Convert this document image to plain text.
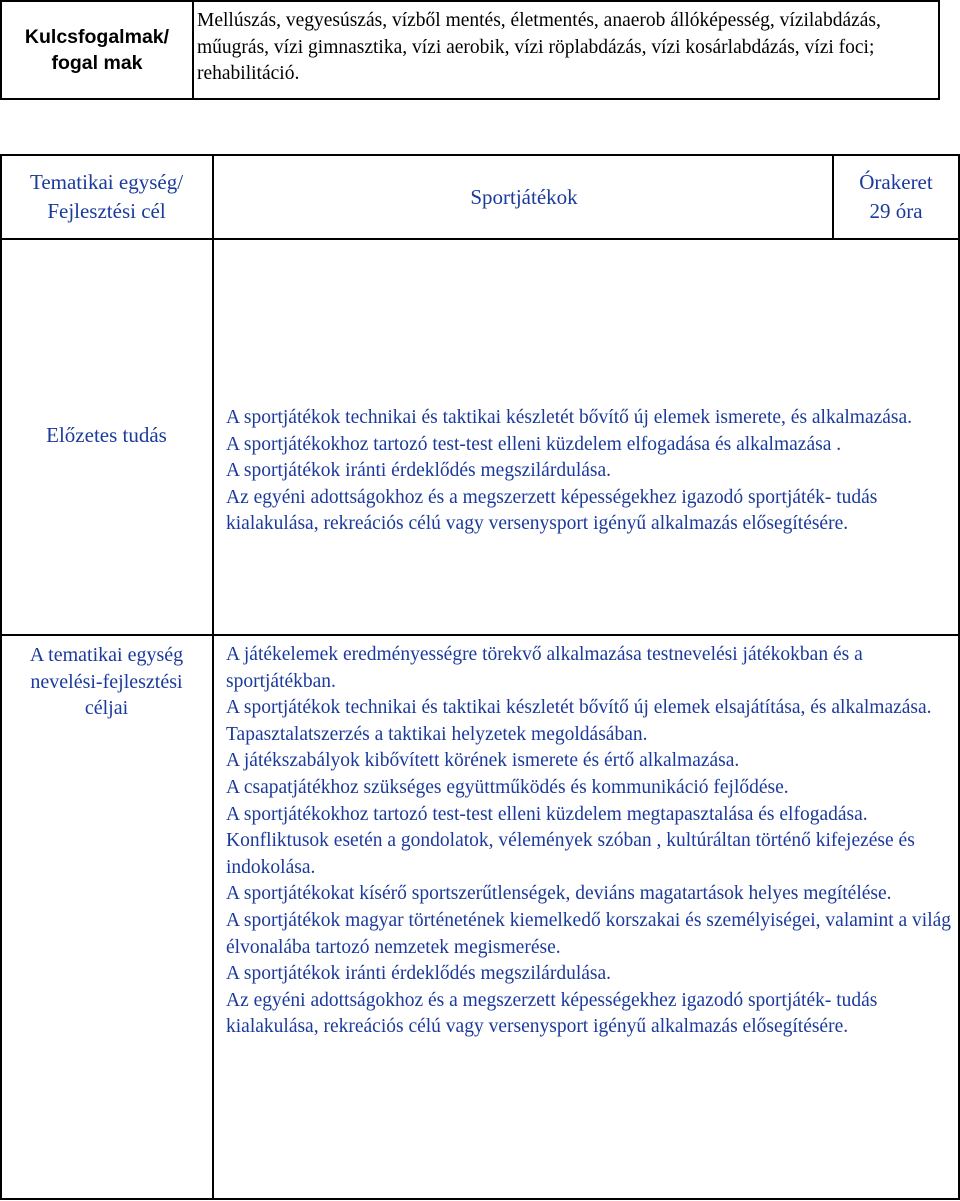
Kulcsfogalmak/ fogal mak
Mellúszás, vegyesúszás, vízből mentés, életmentés, anaerob állóképesség, vízilabdázás, műugrás, vízi gimnasztika, vízi aerobik, vízi röplabdázás, vízi kosárlabdázás, vízi foci; rehabilitáció.
Tematikai egység/
Fejlesztési cél
Sportjátékok
Órakeret
29 óra
Előzetes tudás
A sportjátékok technikai és taktikai készletét bővítő új elemek ismerete, és alkalmazása.
A sportjátékokhoz tartozó test-test elleni küzdelem elfogadása és alkalmazása .
A sportjátékok iránti érdeklődés megszilárdulása.
Az egyéni adottságokhoz és a megszerzett képességekhez igazodó sportjáték- tudás kialakulása, rekreációs célú vagy versenysport igényű alkalmazás elősegítésére.
A tematikai egység
nevelési-fejlesztési
céljai
A játékelemek eredményességre törekvő alkalmazása testnevelési játékokban és a sportjátékban.
A sportjátékok technikai és taktikai készletét bővítő új elemek elsajátítása, és alkalmazása.
Tapasztalatszerzés a taktikai helyzetek megoldásában.
A játékszabályok kibővített körének ismerete és értő alkalmazása.
A csapatjátékhoz szükséges együttműködés és kommunikáció fejlődése.
A sportjátékokhoz tartozó test-test elleni küzdelem megtapasztalása és elfogadása.
Konfliktusok esetén a gondolatok, vélemények szóban , kultúráltan történő kifejezése és indokolása.
A sportjátékokat kísérő sportszerűtlenségek, deviáns magatartások helyes megítélése.
A sportjátékok magyar történetének kiemelkedő korszakai és személyiségei, valamint a világ élvonalába tartozó nemzetek megismerése.
A sportjátékok iránti érdeklődés megszilárdulása.
Az egyéni adottságokhoz és a megszerzett képességekhez igazodó sportjáték- tudás kialakulása, rekreációs célú vagy versenysport igényű alkalmazás elősegítésére.
